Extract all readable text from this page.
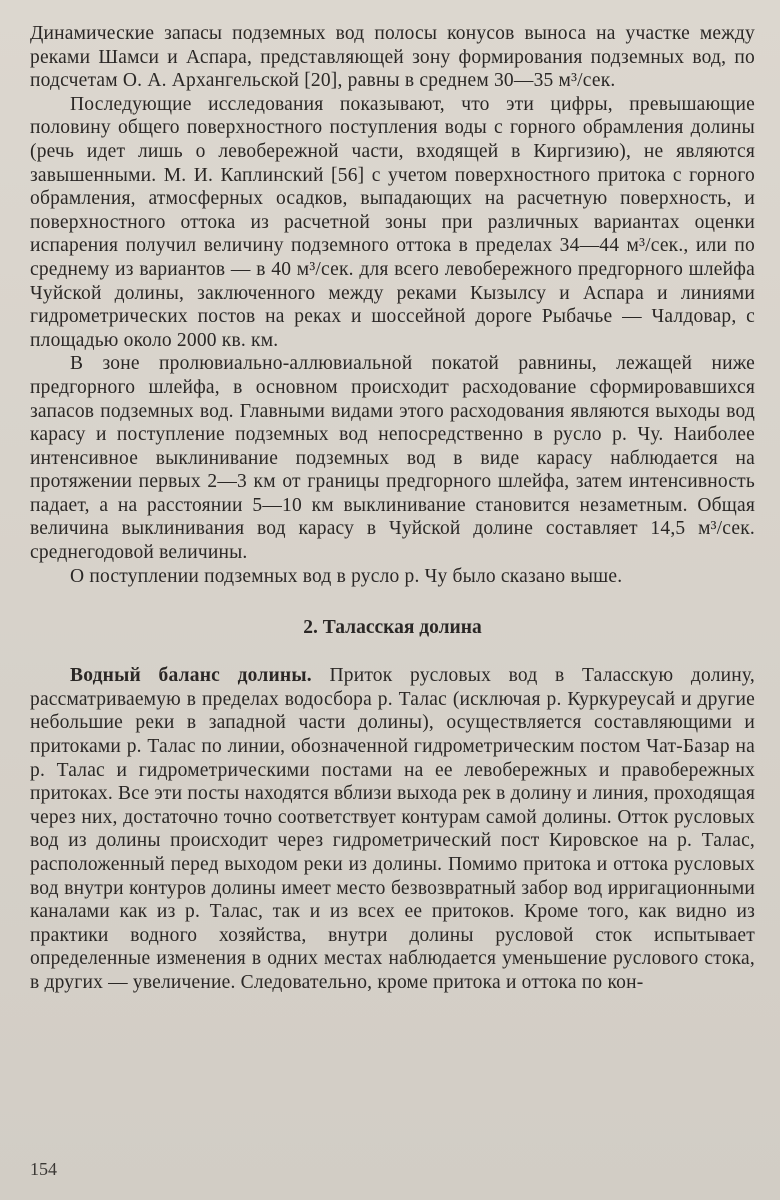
Динамические запасы подземных вод полосы конусов выноса на участке между реками Шамси и Аспара, представляющей зону формирования подземных вод, по подсчетам О. А. Архангельской [20], равны в среднем 30—35 м³/сек.

Последующие исследования показывают, что эти цифры, превышающие половину общего поверхностного поступления воды с горного обрамления долины (речь идет лишь о левобережной части, входящей в Киргизию), не являются завышенными. М. И. Каплинский [56] с учетом поверхностного притока с горного обрамления, атмосферных осадков, выпадающих на расчетную поверхность, и поверхностного оттока из расчетной зоны при различных вариантах оценки испарения получил величину подземного оттока в пределах 34—44 м³/сек., или по среднему из вариантов — в 40 м³/сек. для всего левобережного предгорного шлейфа Чуйской долины, заключенного между реками Кызылсу и Аспара и линиями гидрометрических постов на реках и шоссейной дороге Рыбачье — Чалдовар, с площадью около 2000 кв. км.

В зоне пролювиально-аллювиальной покатой равнины, лежащей ниже предгорного шлейфа, в основном происходит расходование сформировавшихся запасов подземных вод. Главными видами этого расходования являются выходы вод карасу и поступление подземных вод непосредственно в русло р. Чу. Наиболее интенсивное выклинивание подземных вод в виде карасу наблюдается на протяжении первых 2—3 км от границы предгорного шлейфа, затем интенсивность падает, а на расстоянии 5—10 км выклинивание становится незаметным. Общая величина выклинивания вод карасу в Чуйской долине составляет 14,5 м³/сек. среднегодовой величины.

О поступлении подземных вод в русло р. Чу было сказано выше.

2. Таласская долина

Водный баланс долины. Приток русловых вод в Таласскую долину, рассматриваемую в пределах водосбора р. Талас (исключая р. Куркуреусай и другие небольшие реки в западной части долины), осуществляется составляющими и притоками р. Талас по линии, обозначенной гидрометрическим постом Чат-Базар на р. Талас и гидрометрическими постами на ее левобережных и правобережных притоках. Все эти посты находятся вблизи выхода рек в долину и линия, проходящая через них, достаточно точно соответствует контурам самой долины. Отток русловых вод из долины происходит через гидрометрический пост Кировское на р. Талас, расположенный перед выходом реки из долины. Помимо притока и оттока русловых вод внутри контуров долины имеет место безвозвратный забор вод ирригационными каналами как из р. Талас, так и из всех ее притоков. Кроме того, как видно из практики водного хозяйства, внутри долины русловой сток испытывает определенные изменения в одних местах наблюдается уменьшение руслового стока, в других — увеличение. Следовательно, кроме притока и оттока по кон-

154
